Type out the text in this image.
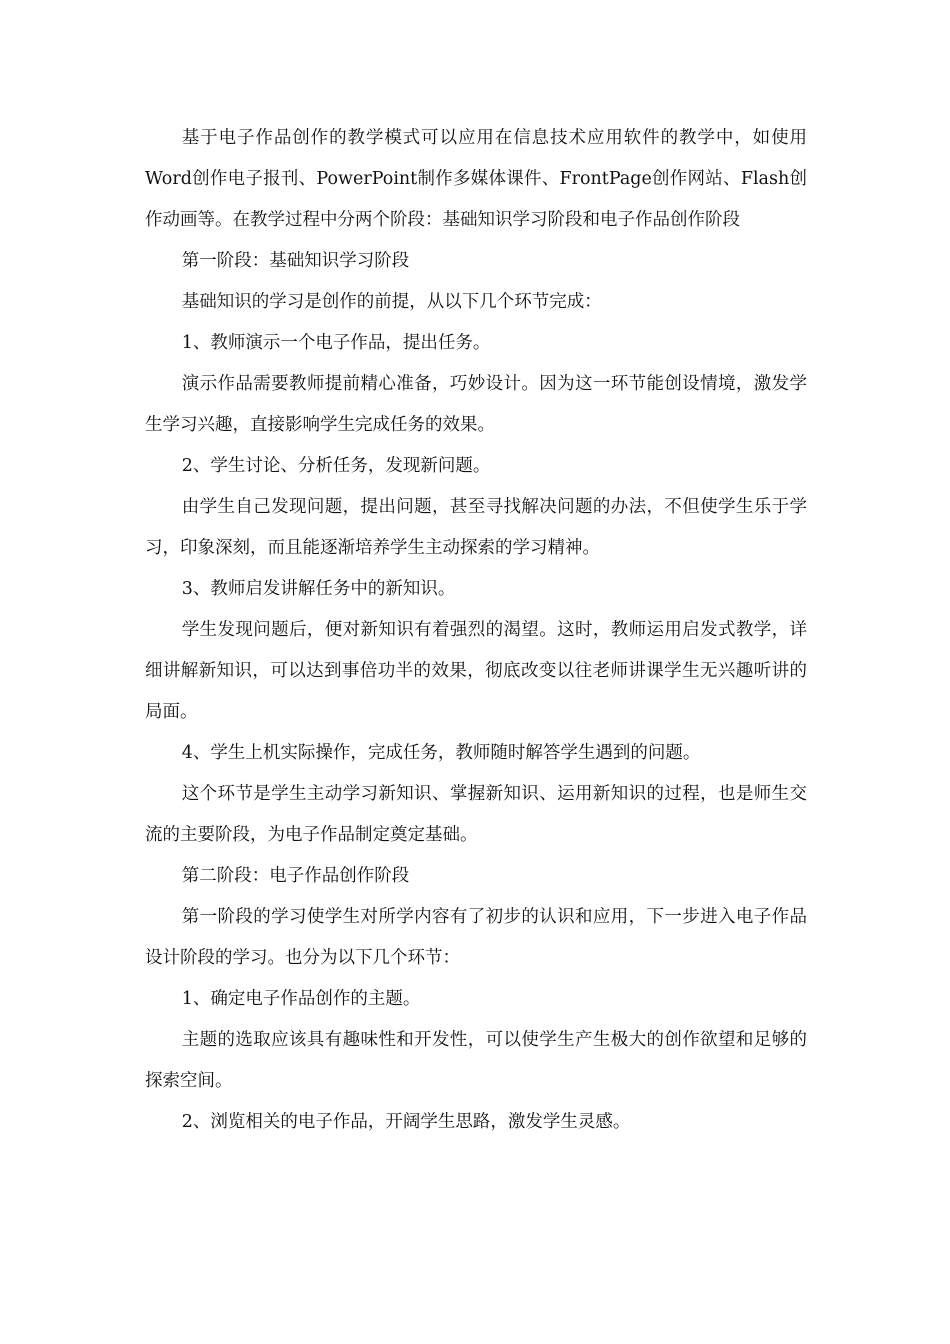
基于电子作品创作的教学模式可以应用在信息技术应用软件的教学中，如使用Word创作电子报刊、PowerPoint制作多媒体课件、FrontPage创作网站、Flash创作动画等。在教学过程中分两个阶段：基础知识学习阶段和电子作品创作阶段

第一阶段：基础知识学习阶段

基础知识的学习是创作的前提，从以下几个环节完成：

1、教师演示一个电子作品，提出任务。

演示作品需要教师提前精心准备，巧妙设计。因为这一环节能创设情境，激发学生学习兴趣，直接影响学生完成任务的效果。

2、学生讨论、分析任务，发现新问题。

由学生自己发现问题，提出问题，甚至寻找解决问题的办法，不但使学生乐于学习，印象深刻，而且能逐渐培养学生主动探索的学习精神。

3、教师启发讲解任务中的新知识。

学生发现问题后，便对新知识有着强烈的渴望。这时，教师运用启发式教学，详细讲解新知识，可以达到事倍功半的效果，彻底改变以往老师讲课学生无兴趣听讲的局面。

4、学生上机实际操作，完成任务，教师随时解答学生遇到的问题。

这个环节是学生主动学习新知识、掌握新知识、运用新知识的过程，也是师生交流的主要阶段，为电子作品制定奠定基础。

第二阶段：电子作品创作阶段

第一阶段的学习使学生对所学内容有了初步的认识和应用，下一步进入电子作品设计阶段的学习。也分为以下几个环节：

1、确定电子作品创作的主题。

主题的选取应该具有趣味性和开发性，可以使学生产生极大的创作欲望和足够的探索空间。

2、浏览相关的电子作品，开阔学生思路，激发学生灵感。
